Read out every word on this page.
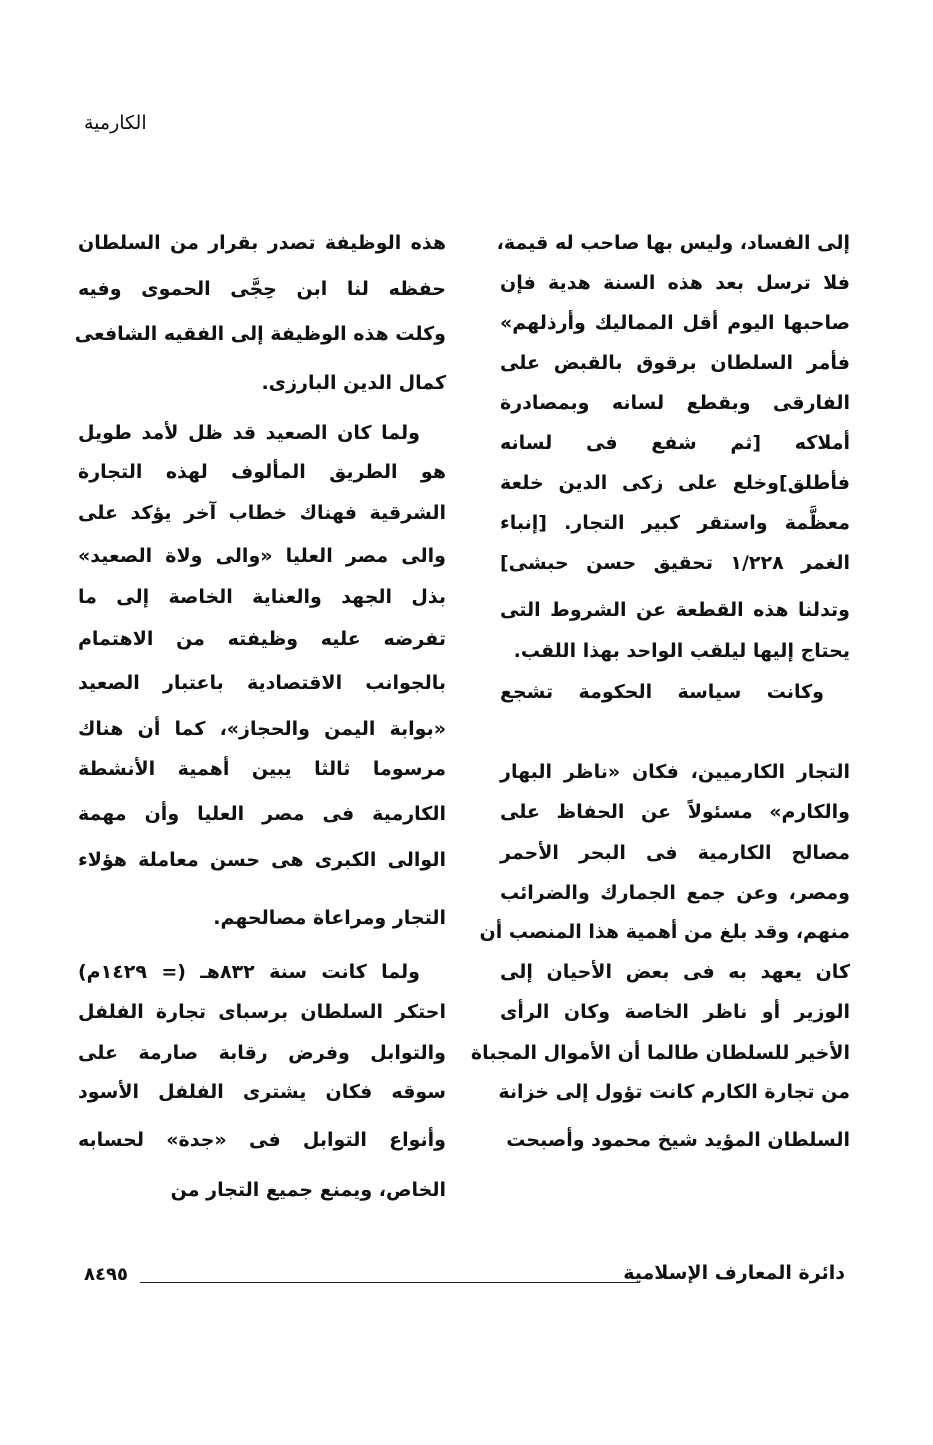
الكارمية
إلى الفساد، وليس بها صاحب له قيمة،
فلا ترسل بعد هذه السنة هدية فإن
صاحبها اليوم أقل المماليك وأرذلهم»
فأمر السلطان برقوق بالقبض على
الفارقى وبقطع لسانه وبمصادرة
أملاكه [ثم شفع فى لسانه
فأطلق]وخلع على زكى الدين خلعة
معظَّمة واستقر كبير التجار. [إنباء
الغمر ١/٢٢٨ تحقيق حسن حبشى]
وتدلنا هذه القطعة عن الشروط التى
يحتاج إليها ليلقب الواحد بهذا اللقب.
وكانت سياسة الحكومة تشجع
التجار الكارميين، فكان «ناظر البهار
والكارم» مسئولاً عن الحفاظ على
مصالح الكارمية فى البحر الأحمر
ومصر، وعن جمع الجمارك والضرائب
منهم، وقد بلغ من أهمية هذا المنصب أن
كان يعهد به فى بعض الأحيان إلى
الوزير أو ناظر الخاصة وكان الرأى
الأخير للسلطان طالما أن الأموال المجباة
من تجارة الكارم كانت تؤول إلى خزانة
السلطان المؤيد شيخ محمود وأصبحت
هذه الوظيفة تصدر بقرار من السلطان
حفظه لنا ابن حِجَّى الحموى وفيه
وكلت هذه الوظيفة إلى الفقيه الشافعى
كمال الدين البارزى.
ولما كان الصعيد قد ظل لأمد طويل
هو الطريق المألوف لهذه التجارة
الشرقية فهناك خطاب آخر يؤكد على
والى مصر العليا «والى ولاة الصعيد»
بذل الجهد والعناية الخاصة إلى ما
تفرضه عليه وظيفته من الاهتمام
بالجوانب الاقتصادية باعتبار الصعيد
«بوابة اليمن والحجاز»، كما أن هناك
مرسوما ثالثا يبين أهمية الأنشطة
الكارمية فى مصر العليا وأن مهمة
الوالى الكبرى هى حسن معاملة هؤلاء
التجار ومراعاة مصالحهم.
ولما كانت سنة ٨٣٢هـ (= ١٤٢٩م)
احتكر السلطان برسباى تجارة الفلفل
والتوابل وفرض رقابة صارمة على
سوقه فكان يشترى الفلفل الأسود
وأنواع التوابل فى «جدة» لحسابه
الخاص، ويمنع جميع التجار من
دائرة المعارف الإسلامية
٨٤٩٥
